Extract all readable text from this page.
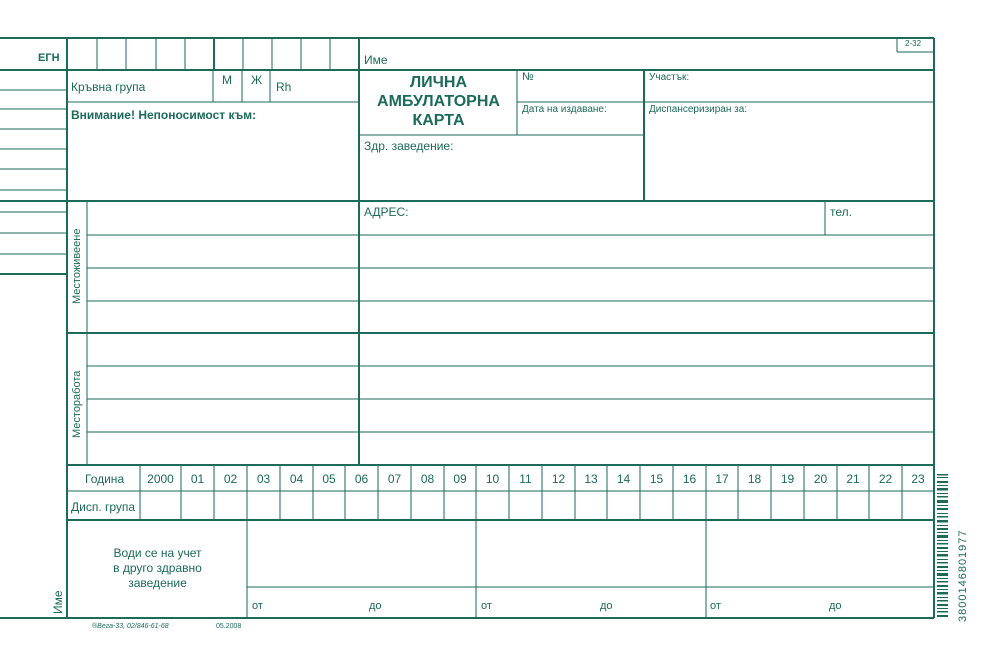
ЕГН
2-32
Име
Кръвна група	М Ж Rh
Внимание! Непоносимост към:
ЛИЧНА
АМБУЛАТОРНА
КАРТА
№
Дата на издаване:
Участък:
Диспансеризиран за:
Здр. заведение:
АДРЕС:	тел.
Местоживеене
Месторабота
Година	2000	01	02	03	04	05	06	07	08	09	10	11	12	13	14	15	16	17	18	19	20	21	22	23
Дисп. група
Води се на учет
в друго здравно
заведение
от	до	от	до	от	до
Име
®Вега-33, 02/846-61-68	05.2008
3800146801977
